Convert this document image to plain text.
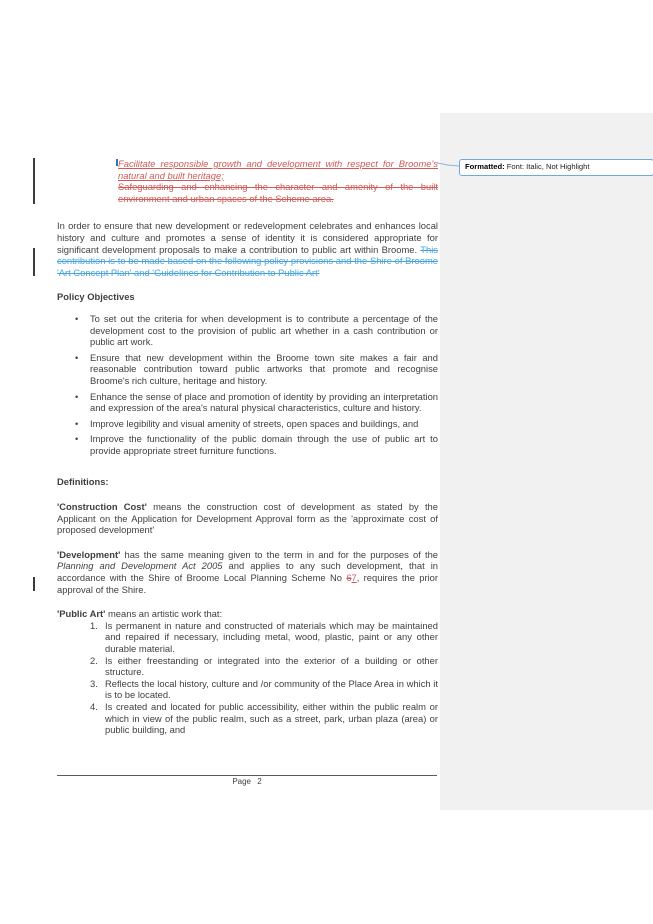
Formatted: Font: Italic, Not Highlight
Facilitate responsible growth and development with respect for Broome's natural and built heritage;
Safeguarding and enhancing the character and amenity of the built environment and urban spaces of the Scheme area.
In order to ensure that new development or redevelopment celebrates and enhances local history and culture and promotes a sense of identity it is considered appropriate for significant development proposals to make a contribution to public art within Broome. This contribution is to be made based on the following policy provisions and the Shire of Broome 'Art Concept Plan' and 'Guidelines for Contribution to Public Art'
Policy Objectives
• To set out the criteria for when development is to contribute a percentage of the development cost to the provision of public art whether in a cash contribution or public art work.
• Ensure that new development within the Broome town site makes a fair and reasonable contribution toward public artworks that promote and recognise Broome's rich culture, heritage and history.
• Enhance the sense of place and promotion of identity by providing an interpretation and expression of the area's natural physical characteristics, culture and history.
• Improve legibility and visual amenity of streets, open spaces and buildings, and
• Improve the functionality of the public domain through the use of public art to provide appropriate street furniture functions.
Definitions:
'Construction Cost' means the construction cost of development as stated by the Applicant on the Application for Development Approval form as the 'approximate cost of proposed development'
'Development' has the same meaning given to the term in and for the purposes of the Planning and Development Act 2005 and applies to any such development, that in accordance with the Shire of Broome Local Planning Scheme No 67, requires the prior approval of the Shire.
'Public Art' means an artistic work that:
1. Is permanent in nature and constructed of materials which may be maintained and repaired if necessary, including metal, wood, plastic, paint or any other durable material.
2. Is either freestanding or integrated into the exterior of a building or other structure.
3. Reflects the local history, culture and /or community of the Place Area in which it is to be located.
4. Is created and located for public accessibility, either within the public realm or which in view of the public realm, such as a street, park, urban plaza (area) or public building, and
Page 2
